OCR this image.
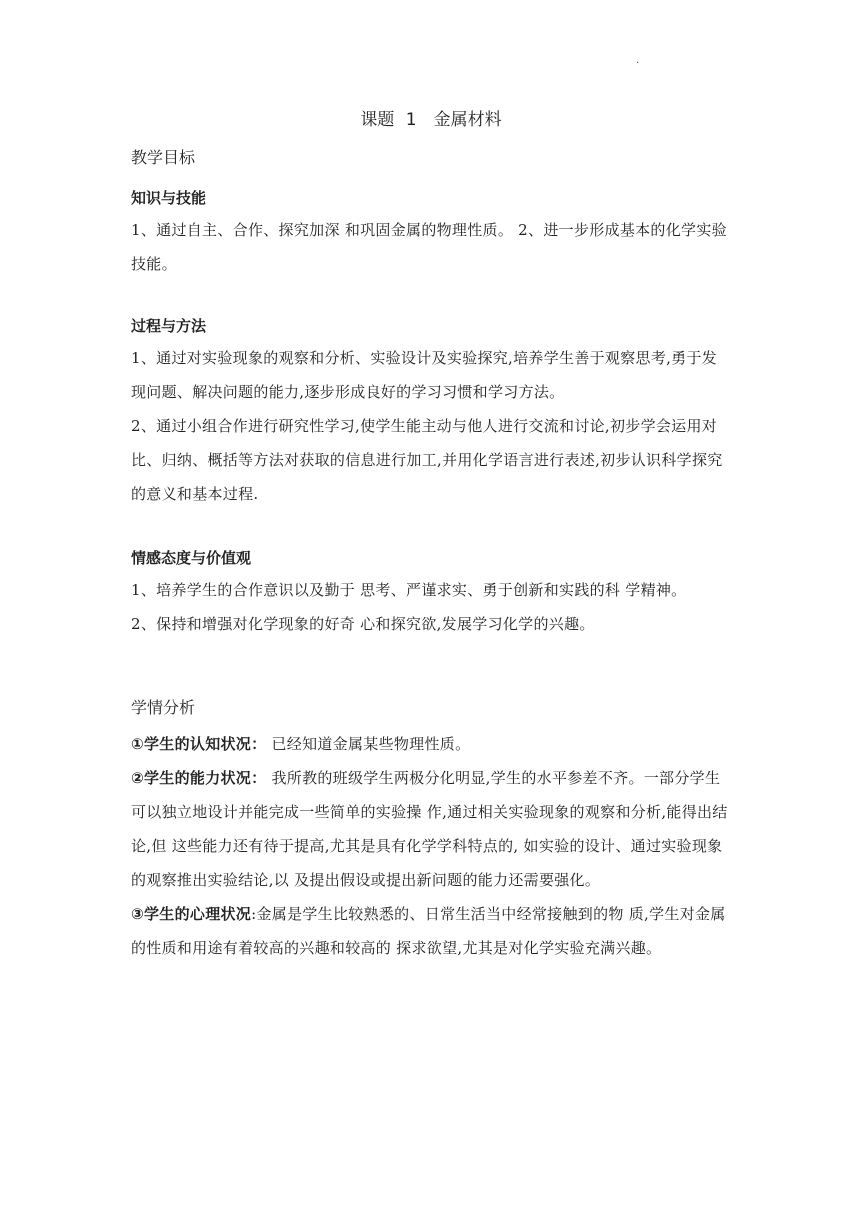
.
课题 1　金属材料
教学目标
知识与技能

1、通过自主、合作、探究加深 和巩固金属的物理性质。 2、进一步形成基本的化学实验 技能。

过程与方法

1、通过对实验现象的观察和分析、实验设计及实验探究,培养学生善于观察思考,勇于发现问题、解决问题的能力,逐步形成良好的学习习惯和学习方法。

2、通过小组合作进行研究性学习,使学生能主动与他人进行交流和讨论,初步学会运用对比、归纳、概括等方法对获取的信息进行加工,并用化学语言进行表述,初步认识科学探究的意义和基本过程.

情感态度与价值观

1、培养学生的合作意识以及勤于 思考、严谨求实、勇于创新和实践的科 学精神。

2、保持和增强对化学现象的好奇 心和探究欲,发展学习化学的兴趣。

学情分析

①学生的认知状况： 已经知道金属某些物理性质。

②学生的能力状况： 我所教的班级学生两极分化明显,学生的水平参差不齐。一部分学生可以独立地设计并能完成一些简单的实验操 作,通过相关实验现象的观察和分析,能得出结论,但 这些能力还有待于提高,尤其是具有化学学科特点的, 如实验的设计、通过实验现象的观察推出实验结论,以 及提出假设或提出新问题的能力还需要强化。

③学生的心理状况:金属是学生比较熟悉的、日常生活当中经常接触到的物 质,学生对金属的性质和用途有着较高的兴趣和较高的 探求欲望,尤其是对化学实验充满兴趣。
